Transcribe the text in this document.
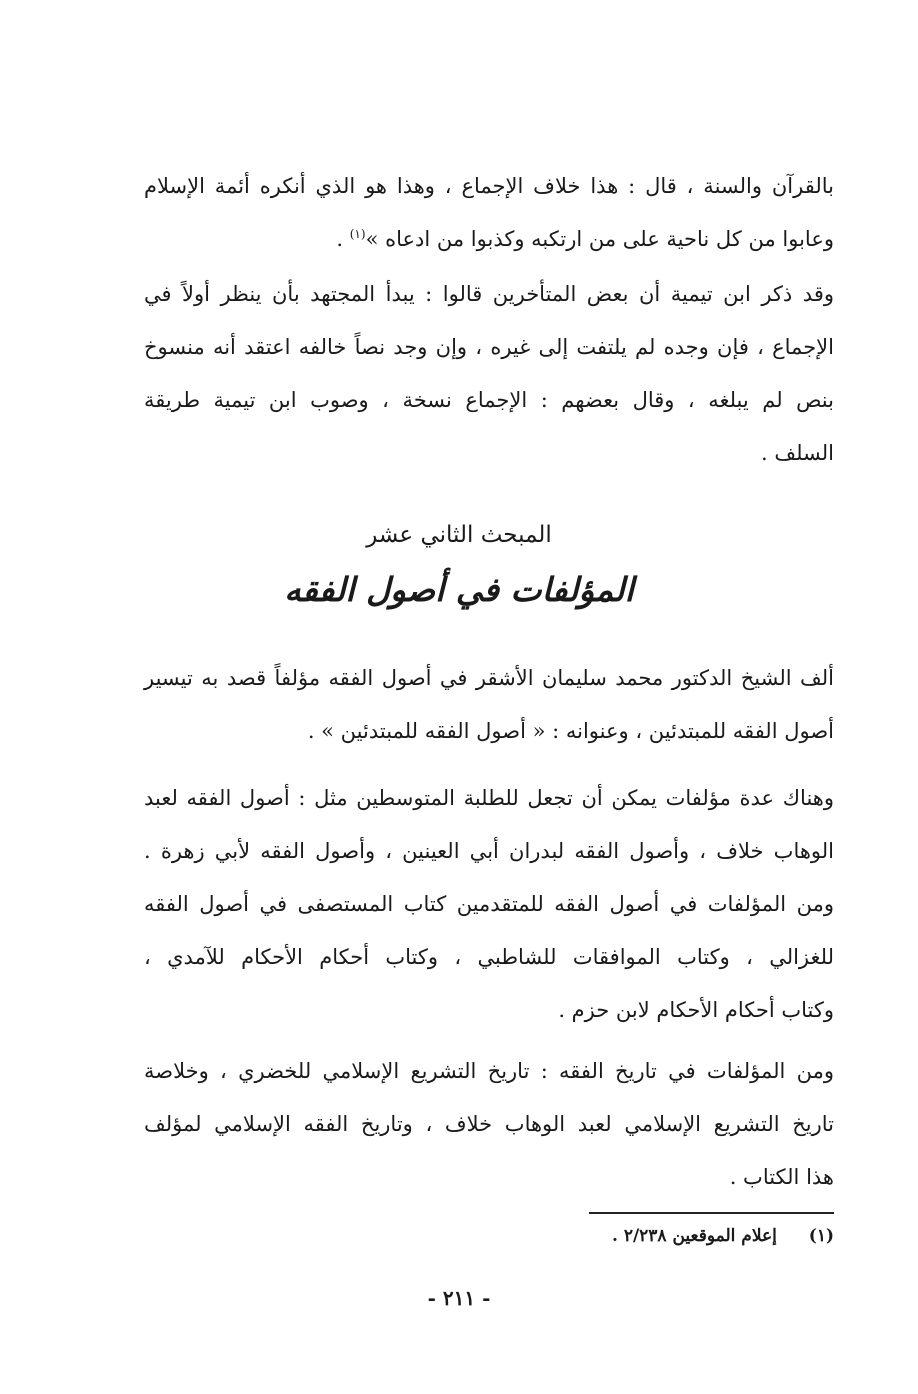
بالقرآن والسنة ، قال : هذا خلاف الإجماع ، وهذا هو الذي أنكره أئمة الإسلام
وعابوا من كل ناحية على من ارتكبه وكذبوا من ادعاه »$^{(١)}$ .

وقد ذكر ابن تيمية أن بعض المتأخرين قالوا : يبدأ المجتهد بأن ينظر أولاً في
الإجماع ، فإن وجده لم يلتفت إلى غيره ، وإن وجد نصاً خالفه اعتقد أنه منسوخ
بنص لم يبلغه ، وقال بعضهم : الإجماع نسخة ، وصوب ابن تيمية طريقة
السلف .

المبحث الثاني عشر
المؤلفات في أصول الفقه

ألف الشيخ الدكتور محمد سليمان الأشقر في أصول الفقه مؤلفاً قصد به تيسير
أصول الفقه للمبتدئين ، وعنوانه : « أصول الفقه للمبتدئين » .

وهناك عدة مؤلفات يمكن أن تجعل للطلبة المتوسطين مثل : أصول الفقه لعبد
الوهاب خلاف ، وأصول الفقه لبدران أبي العينين ، وأصول الفقه لأبي زهرة .
ومن المؤلفات في أصول الفقه للمتقدمين كتاب المستصفى في أصول الفقه
للغزالي ، وكتاب الموافقات للشاطبي ، وكتاب أحكام الأحكام للآمدي ،
وكتاب أحكام الأحكام لابن حزم .

ومن المؤلفات في تاريخ الفقه : تاريخ التشريع الإسلامي للخضري ، وخلاصة
تاريخ التشريع الإسلامي لعبد الوهاب خلاف ، وتاريخ الفقه الإسلامي لمؤلف
هذا الكتاب .

(١) إعلام الموقعين ٢/٢٣٨ .
- ٢١١ -
